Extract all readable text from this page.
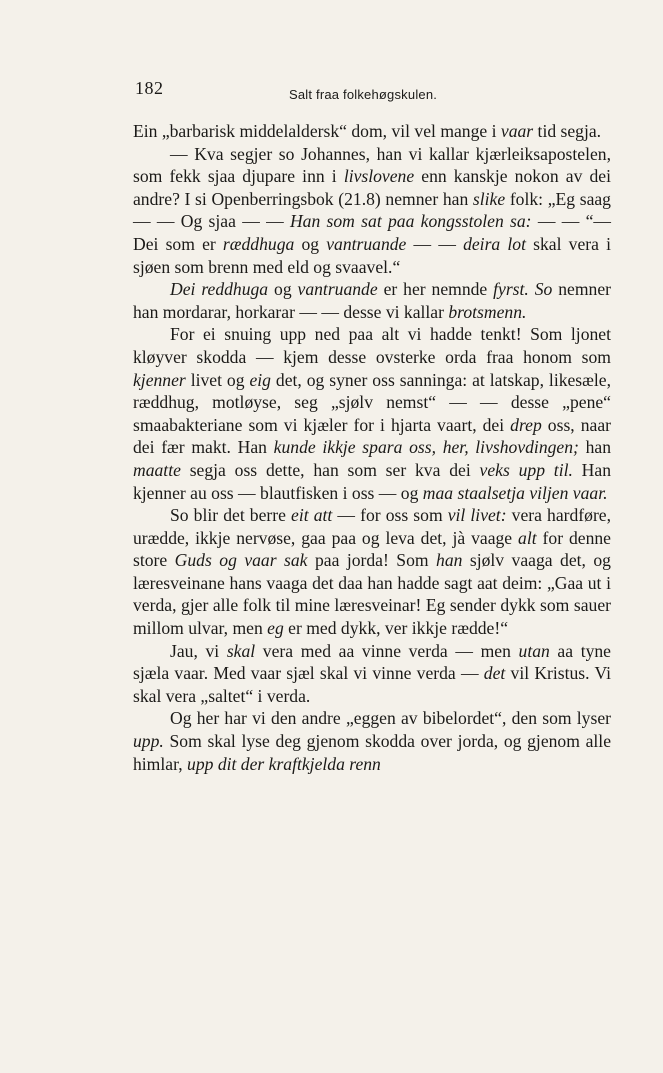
182	Salt fraa folkehøgskulen.

Ein „barbarisk middelaldersk“ dom, vil vel mange i vaar tid segja.

— Kva segjer so Johannes, han vi kallar kjærleiksapostelen, som fekk sjaa djupare inn i livslovene enn kanskje nokon av dei andre? I si Openberringsbok (21.8) nemner han slike folk: „Eg saag — — Og sjaa — — Han som sat paa kongsstolen sa: — — “— Dei som er ræddhuga og vantruande — — deira lot skal vera i sjøen som brenn med eld og svaavel.“

Dei reddhuga og vantruande er her nemnde fyrst. So nemner han mordarar, horkarar — — desse vi kallar brotsmenn.

For ei snuing upp ned paa alt vi hadde tenkt! Som ljonet kløyver skodda — kjem desse ovsterke orda fraa honom som kjenner livet og eig det, og syner oss sanninga: at latskap, likesæle, ræddhug, motløyse, seg „sjølv nemst“ — — desse „pene“ smaabakteriane som vi kjæler for i hjarta vaart, dei drep oss, naar dei fær makt. Han kunde ikkje spara oss, her, livshovdingen; han maatte segja oss dette, han som ser kva dei veks upp til. Han kjenner au oss — blautfisken i oss — og maa staalsetja viljen vaar.

So blir det berre eit att — for oss som vil livet: vera hardføre, urædde, ikkje nervøse, gaa paa og leva det, jà vaage alt for denne store Guds og vaar sak paa jorda! Som han sjølv vaaga det, og læresveinane hans vaaga det daa han hadde sagt aat deim: „Gaa ut i verda, gjer alle folk til mine læresveinar! Eg sender dykk som sauer millom ulvar, men eg er med dykk, ver ikkje rædde!“

Jau, vi skal vera med aa vinne verda — men utan aa tyne sjæla vaar. Med vaar sjæl skal vi vinne verda — det vil Kristus. Vi skal vera „saltet“ i verda.

Og her har vi den andre „eggen av bibelordet“, den som lyser upp. Som skal lyse deg gjenom skodda over jorda, og gjenom alle himlar, upp dit der kraftkjelda renn
